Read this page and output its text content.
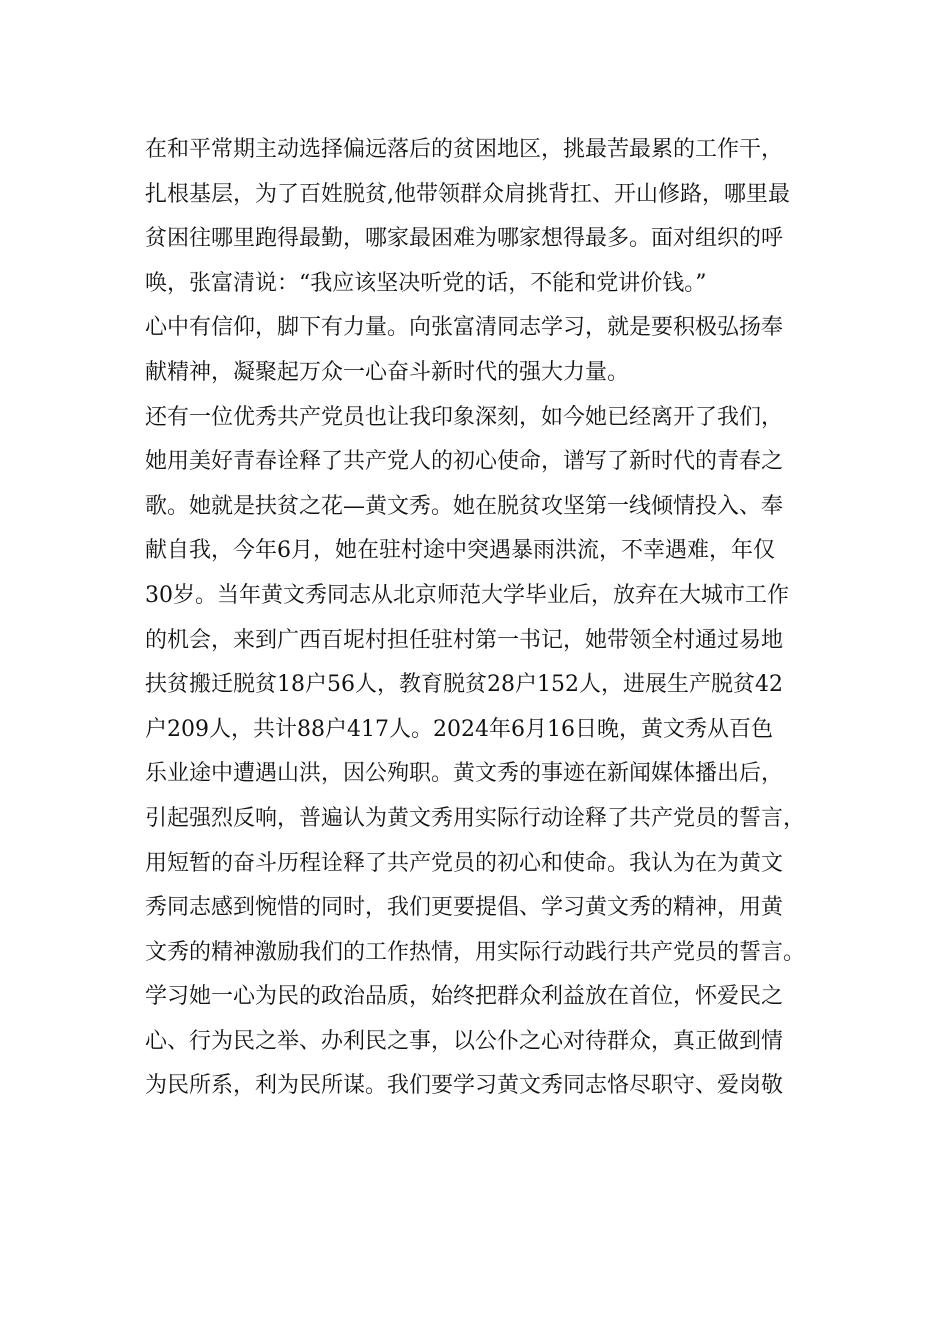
在和平常期主动选择偏远落后的贫困地区，挑最苦最累的工作干，
扎根基层，为了百姓脱贫,他带领群众肩挑背扛、开山修路，哪里最
贫困往哪里跑得最勤，哪家最困难为哪家想得最多。面对组织的呼
唤，张富清说：“我应该坚决听党的话，不能和党讲价钱。”
心中有信仰，脚下有力量。向张富清同志学习，就是要积极弘扬奉
献精神，凝聚起万众一心奋斗新时代的强大力量。
还有一位优秀共产党员也让我印象深刻，如今她已经离开了我们，
她用美好青春诠释了共产党人的初心使命，谱写了新时代的青春之
歌。她就是扶贫之花—黄文秀。她在脱贫攻坚第一线倾情投入、奉
献自我，今年6月，她在驻村途中突遇暴雨洪流，不幸遇难，年仅
30岁。当年黄文秀同志从北京师范大学毕业后，放弃在大城市工作
的机会，来到广西百坭村担任驻村第一书记，她带领全村通过易地
扶贫搬迁脱贫18户56人，教育脱贫28户152人，进展生产脱贫42
户209人，共计88户417人。2024年6月16日晚，黄文秀从百色
乐业途中遭遇山洪，因公殉职。黄文秀的事迹在新闻媒体播出后，
引起强烈反响，普遍认为黄文秀用实际行动诠释了共产党员的誓言，
用短暂的奋斗历程诠释了共产党员的初心和使命。我认为在为黄文
秀同志感到惋惜的同时，我们更要提倡、学习黄文秀的精神，用黄
文秀的精神激励我们的工作热情，用实际行动践行共产党员的誓言。
学习她一心为民的政治品质，始终把群众利益放在首位，怀爱民之
心、行为民之举、办利民之事，以公仆之心对待群众，真正做到情
为民所系，利为民所谋。我们要学习黄文秀同志恪尽职守、爱岗敬
